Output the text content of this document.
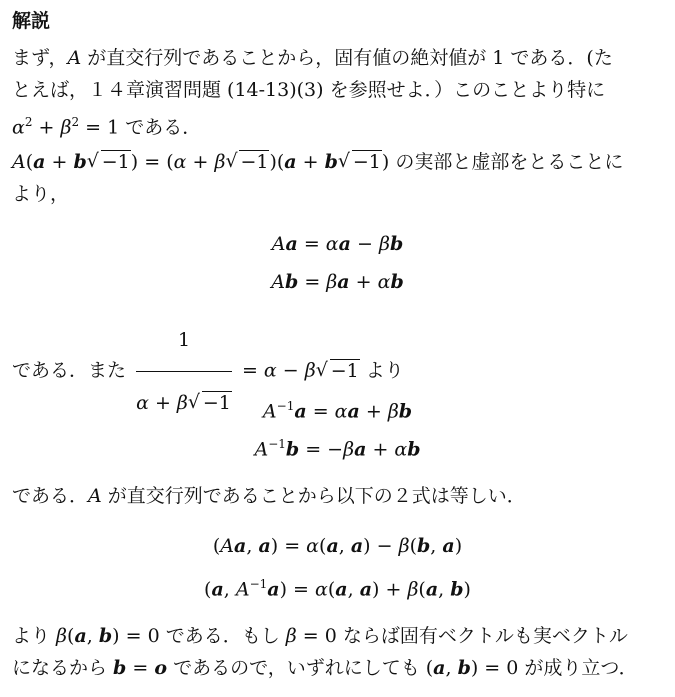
解説
まず，A が直交行列であることから，固有値の絶対値が 1 である．(た
とえば，１４章演習問題 (14-13)(3) を参照せよ．）このことより特に
$\alpha^2 + \beta^2 = 1$ である．
A(a + b√ −1) = (α + β√ −1)(a + b√ −1) の実部と虚部をとることに
より，
Aa = αa − βb
Ab = βa + αb
である．また $\frac{1}{\alpha + \beta√ -1} = \alpha - \beta√ -1$ より
$A^{-1}a = \alpha a + \beta b$
$A^{-1}b = -\beta a + \alpha b$
である．A が直交行列であることから以下の２式は等しい．
(Aa, a) = α(a, a) − β(b, a)
(a, $A^{-1}a) = \alpha(a$, a) + β(a, b)
より β(a, b) = 0 である．もし β = 0 ならば固有ベクトルも実ベクトル
になるから b = o であるので，いずれにしても (a, b) = 0 が成り立つ．
